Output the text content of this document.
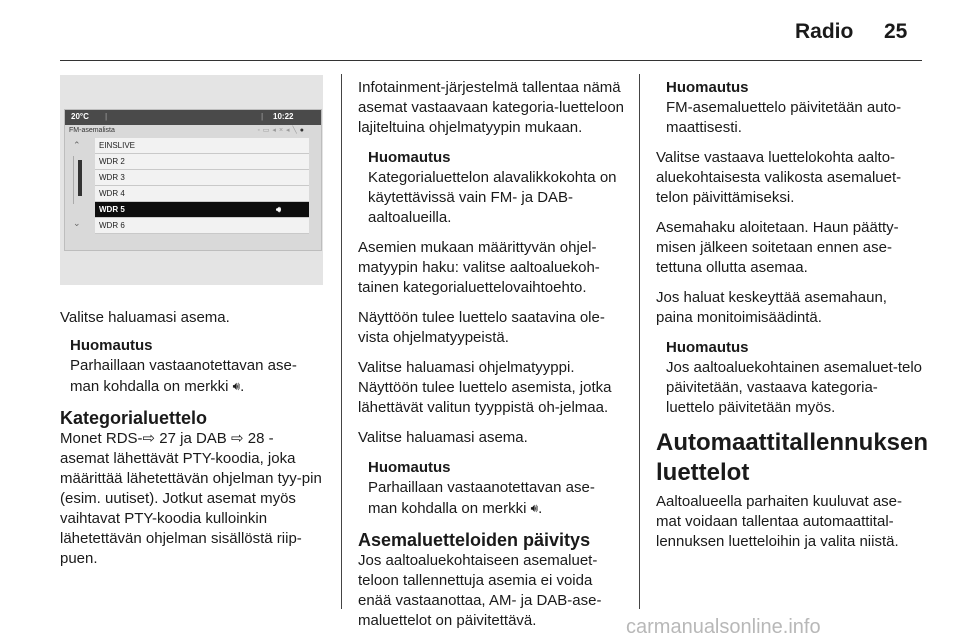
Radio 25
20°C |	| 10:22
FM-asemalista	◦▭◂×◂╲●
⌃
⌄
EINSLIVE
WDR 2
WDR 3
WDR 4
WDR 5	🔊︎
WDR 6

Valitse haluamasi asema.

Huomautus
Parhaillaan vastaanotettavan ase-
man kohdalla on merkki 🔊︎.
Kategorialuettelo

Monet RDS-⇨ 27 ja DAB ⇨ 28 - asemat lähettävät PTY-koodia, joka määrittää lähetettävän ohjelman tyy-pin (esim. uutiset). Jotkut asemat myös vaihtavat PTY-koodia kulloinkin lähetettävän ohjelman sisällöstä riip-puen.

Infotainment-järjestelmä tallentaa nämä asemat vastaavaan kategoria-luetteloon lajiteltuina ohjelmatyypin mukaan.

Huomautus
Kategorialuettelon alavalikkokohta on käytettävissä vain FM- ja DAB-aaltoalueilla.

Asemien mukaan määrittyvän ohjel-matyypin haku: valitse aaltoaluekoh-tainen kategorialuettelovaihtoehto.

Näyttöön tulee luettelo saatavina ole-vista ohjelmatyypeistä.

Valitse haluamasi ohjelmatyyppi. Näyttöön tulee luettelo asemista, jotka lähettävät valitun tyyppistä oh-jelmaa.

Valitse haluamasi asema.

Huomautus
Parhaillaan vastaanotettavan ase-
man kohdalla on merkki 🔊︎.
Asemaluetteloiden päivitys

Jos aaltoaluekohtaiseen asemaluet-teloon tallennettuja asemia ei voida enää vastaanottaa, AM- ja DAB-ase-maluettelot on päivitettävä.

Huomautus
FM-asemaluettelo päivitetään auto-maattisesti.

Valitse vastaava luettelokohta aalto-aluekohtaisesta valikosta asemaluet-telon päivittämiseksi.

Asemahaku aloitetaan. Haun päätty-misen jälkeen soitetaan ennen ase-tettuna ollutta asemaa.

Jos haluat keskeyttää asemahaun, paina monitoimisäädintä.

Huomautus
Jos aaltoaluekohtainen asemaluet-telo päivitetään, vastaava kategoria-luettelo päivitetään myös.
Automaattitallennuksen luettelot

Aaltoalueella parhaiten kuuluvat ase-mat voidaan tallentaa automaattital-lennuksen luetteloihin ja valita niistä.

carmanualsonline.info
